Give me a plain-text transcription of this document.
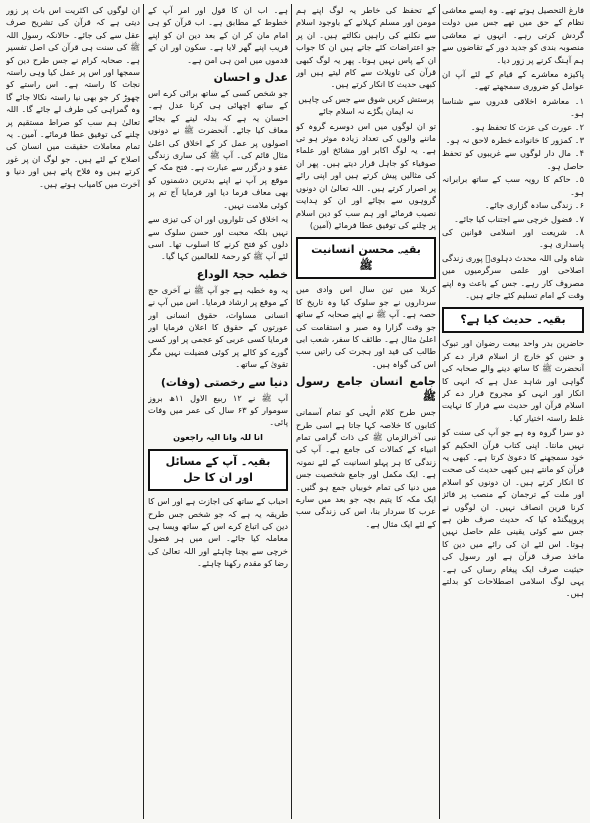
فارغ التحصیل ہوتے تھے۔ وہ ایسے معاشی نظام کے حق میں تھے جس میں دولت گردش کرتی رہے۔ انہوں نے معاشی منصوبہ بندی کو جدید دور کے تقاضوں سے ہم آہنگ کرنے پر زور دیا۔

پاکیزہ معاشرے کے قیام کے لئے آپ ان عوامل کو ضروری سمجھتے تھے۔

۱۔ معاشرہ اخلاقی قدروں سے شناسا ہو۔

۲۔ عورت کی عزت کا تحفظ ہو۔

۳۔ کمزور کا خانوادے خطرہ لاحق نہ ہو۔

۴۔ مال دار لوگوں سے غریبوں کو تحفظ حاصل ہو۔

۵۔ حاکم کا رویہ سب کے ساتھ برابرانہ ہو۔

۶۔ زندگی سادہ گزاری جائے۔

۷۔ فضول خرچی سے اجتناب کیا جائے۔

۸۔ شریعت اور اسلامی قوانین کی پاسداری ہو۔

شاہ ولی اللہ محدث دہلویؒ پوری زندگی اصلاحی اور علمی سرگرمیوں میں مصروف کار رہے۔ جس کے باعث وہ اپنے وقت کے امام تسلیم کئے جاتے ہیں۔

بقیہ۔ حدیث کیا ہے؟

حاضرین بدر واحد بیعت رضوان اور تبوک و حنین کو خارج از اسلام قرار دے کر آنحضرت ﷺ کا ساتھ دینے والے صحابہ کی گواہی اور شاہد عدل ہے کہ انہی کا انکار اور انہی کو مجروح قرار دے کر اسلام قرآن اور حدیث سے فرار کا نہایت غلط راستہ اختیار کیا۔

دو سرا گروہ وہ ہے جو آپ کی سنت کو نہیں مانتا۔ اپنی کتاب قرآن الحکیم کو خود سمجھنے کا دعویٰ کرتا ہے۔ کبھی یہ قرآن کو مانتے ہیں کبھی حدیث کی صحت کا انکار کرتے ہیں۔ ان دونوں کو اسلام اور ملت کے ترجمان کے منصب پر فائز کرنا قرین انصاف نہیں۔ ان لوگوں نے پروپیگنڈہ کیا کہ حدیث صرف ظن ہے جس سے کوئی یقینی علم حاصل نہیں ہوتا۔ اس لئے ان کی رائے میں دین کا ماخذ صرف قرآن ہے اور رسول کی حیثیت صرف ایک پیغام رساں کی ہے۔ یہی لوگ اسلامی اصطلاحات کو بدلتے ہیں۔

کے تحفظ کی خاطر یہ لوگ اپنے ہم مومن اور مسلم کہلانے کے باوجود اسلام سے نکلنے کی راہیں نکالتے ہیں۔ ان پر جو اعتراضات کئے جاتے ہیں ان کا جواب ان کے پاس نہیں ہوتا۔ پھر یہ لوگ کبھی قرآن کی تاویلات سے کام لیتے ہیں اور کبھی حدیث کا انکار کرتے ہیں۔

پرستش کریں شوق سے جس کی چاہیں
نہ ایمان بگڑے نہ اسلام جائے

تو ان لوگوں میں اس دوسرے گروہ کو ماننے والوں کی تعداد زیادہ موثر ہو تی ہے۔ یہ لوگ اکابر اور مشائخ اور علماء صوفیاء کو جاہل قرار دیتے ہیں۔ پھر ان کی مثالیں پیش کرتے ہیں اور اپنی رائے پر اصرار کرتے ہیں۔ اللہ تعالیٰ ان دونوں گروہوں سے بچائے اور ان کو ہدایت نصیب فرمائے اور ہم سب کو دین اسلام پر چلنے کی توفیق عطا فرمائے (آمین)

بقیہ۔ محسن انسانیت ﷺ

کربلا میں تین سال اس وادی میں سرداروں نے جو سلوک کیا وہ تاریخ کا حصہ ہے۔ آپ ﷺ نے اپنے صحابہ کے ساتھ جو وقت گزارا وہ صبر و استقامت کی اعلیٰ مثال ہے۔ طائف کا سفر، شعب ابی طالب کی قید اور ہجرت کی راتیں سب اس کی گواہ ہیں۔

جامع انسان جامع رسول ﷺ

جس طرح کلام الٰہی کو تمام آسمانی کتابوں کا خلاصہ کہا جاتا ہے اسی طرح نبی آخرالزماں ﷺ کی ذات گرامی تمام انبیاء کے کمالات کی جامع ہے۔ آپ کی زندگی کا ہر پہلو انسانیت کے لئے نمونہ ہے۔ ایک مکمل اور جامع شخصیت جس میں دنیا کی تمام خوبیاں جمع ہو گئیں۔ ایک مکہ کا یتیم بچہ جو بعد میں سارے عرب کا سردار بنا، اس کی زندگی سب کے لئے ایک مثال ہے۔

ہے۔ اب ان کا قول اور امر آپ کے خطوط کے مطابق ہے۔ اب قرآن کو ہی امام مان کر ان کے بعد دین ان کو اپنے قریب اپنے گھر لایا ہے۔ سکون اور ان کے قدموں میں امن ہی امن ہے۔

عدل و احسان

جو شخص کسی کے ساتھ برائی کرے اس کے ساتھ اچھائی ہی کرنا عدل ہے۔ احسان یہ ہے کہ بدلہ لینے کے بجائے معاف کیا جائے۔ آنحضرت ﷺ نے دونوں اصولوں پر عمل کر کے اخلاق کی اعلیٰ مثال قائم کی۔ آپ ﷺ کی ساری زندگی عفو و درگزر سے عبارت ہے۔ فتح مکہ کے موقع پر آپ نے اپنے بدترین دشمنوں کو بھی معاف فرما دیا اور فرمایا آج تم پر کوئی ملامت نہیں۔

یہ اخلاق کی تلواروں اور ان کی تیزی سے نہیں بلکہ محبت اور حسن سلوک سے دلوں کو فتح کرنے کا اسلوب تھا۔ اسی لئے آپ ﷺ کو رحمۃ للعالمین کہا گیا۔

خطبہ حجۃ الوداع

یہ وہ خطبہ ہے جو آپ ﷺ نے آخری حج کے موقع پر ارشاد فرمایا۔ اس میں آپ نے انسانی مساوات، حقوق انسانی اور عورتوں کے حقوق کا اعلان فرمایا اور فرمایا کسی عربی کو عجمی پر اور کسی گورے کو کالے پر کوئی فضیلت نہیں مگر تقویٰ کے ساتھ۔

دنیا سے رخصتی (وفات)

آپ ﷺ نے ۱۲ ربیع الاول ۱۱ھ بروز سوموار کو ۶۳ سال کی عمر میں وفات پائی۔

انا للہ وانا الیہ راجعون

بقیہ۔ آپ کے مسائل اور ان کا حل

احباب کے ساتھ کی اجازت ہے اور اس کا طریقہ یہ ہے کہ جو شخص جس طرح دین کی اتباع کرے اس کے ساتھ ویسا ہی معاملہ کیا جائے۔ اس میں ہر فضول خرچی سے بچنا چاہئے اور اللہ تعالیٰ کی رضا کو مقدم رکھنا چاہئے۔

ان لوگوں کی اکثریت اس بات پر زور دیتی ہے کہ قرآن کی تشریح صرف عقل سے کی جائے۔ حالانکہ رسول اللہ ﷺ کی سنت ہی قرآن کی اصل تفسیر ہے۔ صحابہ کرام نے جس طرح دین کو سمجھا اور اس پر عمل کیا وہی راستہ نجات کا راستہ ہے۔ اس راستے کو چھوڑ کر جو بھی نیا راستہ نکالا جائے گا وہ گمراہی کی طرف لے جائے گا۔ اللہ تعالیٰ ہم سب کو صراط مستقیم پر چلنے کی توفیق عطا فرمائے۔ آمین۔ یہ تمام معاملات حقیقت میں انسان کی اصلاح کے لئے ہیں۔ جو لوگ ان پر غور کرتے ہیں وہ فلاح پاتے ہیں اور دنیا و آخرت میں کامیاب ہوتے ہیں۔
